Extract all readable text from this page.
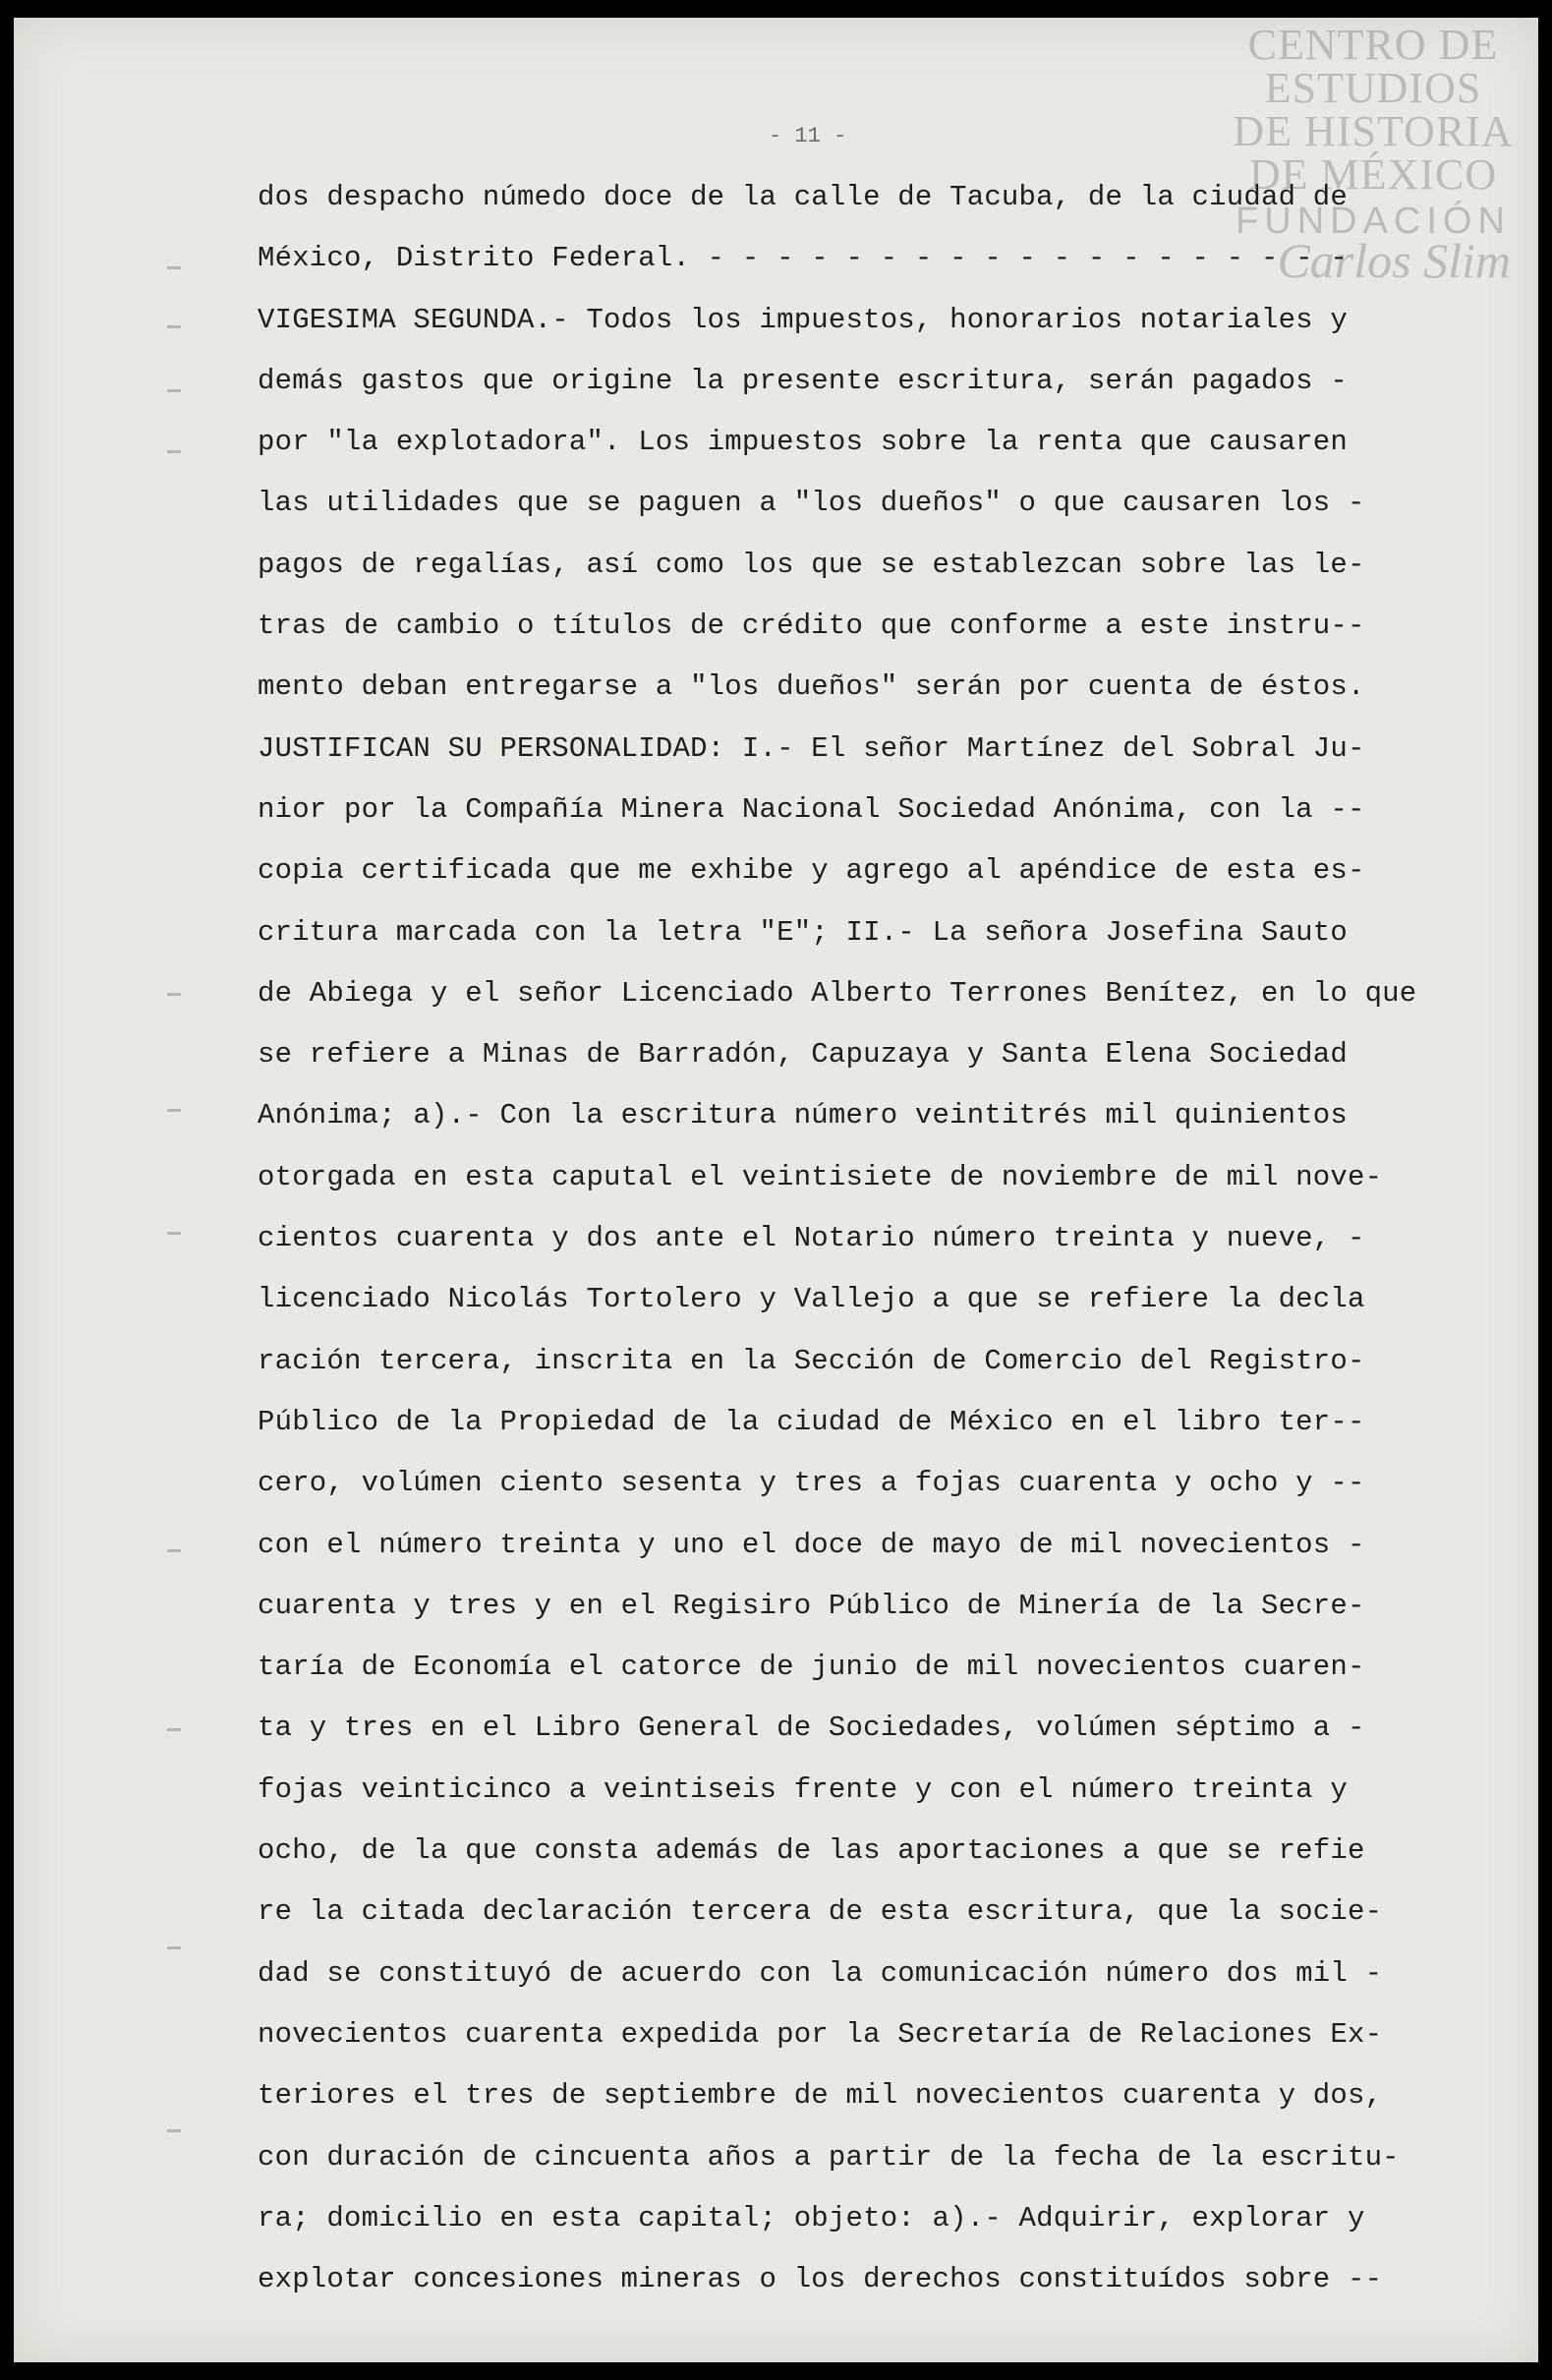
CENTRO DE
ESTUDIOS
DE HISTORIA
DE MÉXICO
FUNDACIÓN
Carlos Slim
- 11 -
dos despacho númedo doce de la calle de Tacuba, de la ciudad de
México, Distrito Federal. - - - - - - - - - - - - - - - - - - -
VIGESIMA SEGUNDA.- Todos los impuestos, honorarios notariales y
demás gastos que origine la presente escritura, serán pagados -
por "la explotadora". Los impuestos sobre la renta que causaren
las utilidades que se paguen a "los dueños" o que causaren los -
pagos de regalías, así como los que se establezcan sobre las le-
tras de cambio o títulos de crédito que conforme a este instru--
mento deban entregarse a "los dueños" serán por cuenta de éstos.
JUSTIFICAN SU PERSONALIDAD: I.- El señor Martínez del Sobral Ju-
nior por la Compañía Minera Nacional Sociedad Anónima, con la --
copia certificada que me exhibe y agrego al apéndice de esta es-
critura marcada con la letra "E"; II.- La señora Josefina Sauto
de Abiega y el señor Licenciado Alberto Terrones Benítez, en lo que
se refiere a Minas de Barradón, Capuzaya y Santa Elena Sociedad
Anónima; a).- Con la escritura número veintitrés mil quinientos
otorgada en esta caputal el veintisiete de noviembre de mil nove-
cientos cuarenta y dos ante el Notario número treinta y nueve, -
licenciado Nicolás Tortolero y Vallejo a que se refiere la decla
ración tercera, inscrita en la Sección de Comercio del Registro-
Público de la Propiedad de la ciudad de México en el libro ter--
cero, volúmen ciento sesenta y tres a fojas cuarenta y ocho y --
con el número treinta y uno el doce de mayo de mil novecientos -
cuarenta y tres y en el Regisiro Público de Minería de la Secre-
taría de Economía el catorce de junio de mil novecientos cuaren-
ta y tres en el Libro General de Sociedades, volúmen séptimo a -
fojas veinticinco a veintiseis frente y con el número treinta y
ocho, de la que consta además de las aportaciones a que se refie
re la citada declaración tercera de esta escritura, que la socie-
dad se constituyó de acuerdo con la comunicación número dos mil -
novecientos cuarenta expedida por la Secretaría de Relaciones Ex-
teriores el tres de septiembre de mil novecientos cuarenta y dos,
con duración de cincuenta años a partir de la fecha de la escritu-
ra; domicilio en esta capital; objeto: a).- Adquirir, explorar y
explotar concesiones mineras o los derechos constituídos sobre --
